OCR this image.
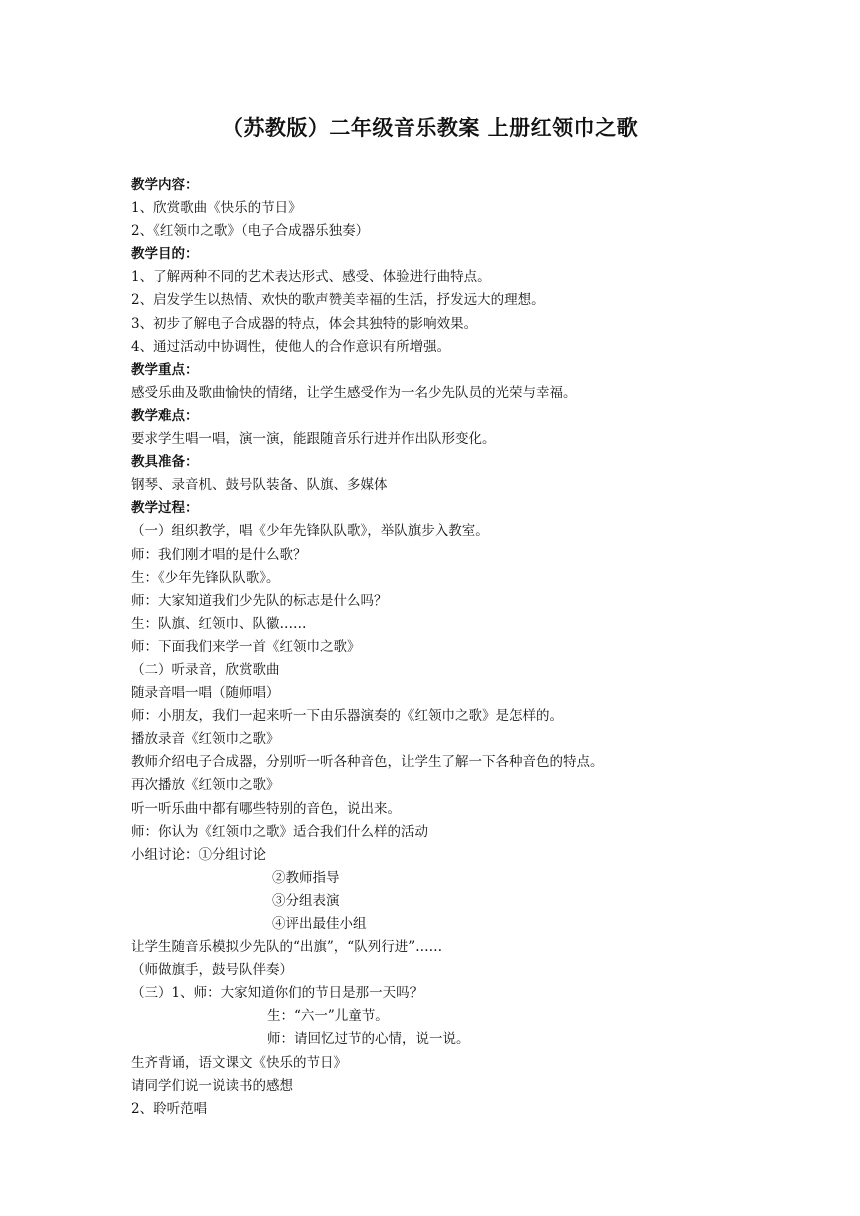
（苏教版）二年级音乐教案 上册红领巾之歌
教学内容：
1、欣赏歌曲《快乐的节日》
2、《红领巾之歌》（电子合成器乐独奏）
教学目的：
1、了解两种不同的艺术表达形式、感受、体验进行曲特点。
2、启发学生以热情、欢快的歌声赞美幸福的生活，抒发远大的理想。
3、初步了解电子合成器的特点，体会其独特的影响效果。
4、通过活动中协调性，使他人的合作意识有所增强。
教学重点：
感受乐曲及歌曲愉快的情绪，让学生感受作为一名少先队员的光荣与幸福。
教学难点：
要求学生唱一唱，演一演，能跟随音乐行进并作出队形变化。
教具准备：
钢琴、录音机、鼓号队装备、队旗、多媒体
教学过程：
（一）组织教学，唱《少年先锋队队歌》，举队旗步入教室。
师：我们刚才唱的是什么歌？
生：《少年先锋队队歌》。
师：大家知道我们少先队的标志是什么吗？
生：队旗、红领巾、队徽……
师：下面我们来学一首《红领巾之歌》
（二）听录音，欣赏歌曲
随录音唱一唱（随师唱）
师：小朋友，我们一起来听一下由乐器演奏的《红领巾之歌》是怎样的。
播放录音《红领巾之歌》
教师介绍电子合成器，分别听一听各种音色，让学生了解一下各种音色的特点。
再次播放《红领巾之歌》
听一听乐曲中都有哪些特别的音色，说出来。
师：你认为《红领巾之歌》适合我们什么样的活动
小组讨论：①分组讨论
②教师指导
③分组表演
④评出最佳小组
让学生随音乐模拟少先队的“出旗”，“队列行进”……
（师做旗手，鼓号队伴奏）
（三）1、师：大家知道你们的节日是那一天吗？
生：“六一”儿童节。
师：请回忆过节的心情，说一说。
生齐背诵，语文课文《快乐的节日》
请同学们说一说读书的感想
2、聆听范唱
